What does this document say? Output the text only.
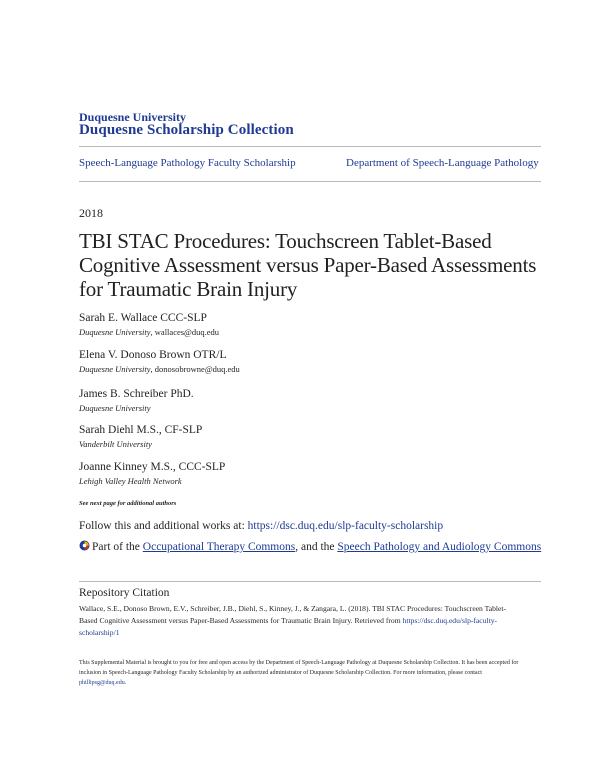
Duquesne University
Duquesne Scholarship Collection
Speech-Language Pathology Faculty Scholarship	Department of Speech-Language Pathology
2018
TBI STAC Procedures: Touchscreen Tablet-Based Cognitive Assessment versus Paper-Based Assessments for Traumatic Brain Injury
Sarah E. Wallace CCC-SLP
Duquesne University, wallaces@duq.edu
Elena V. Donoso Brown OTR/L
Duquesne University, donosobrowne@duq.edu
James B. Schreiber PhD.
Duquesne University
Sarah Diehl M.S., CF-SLP
Vanderbilt University
Joanne Kinney M.S., CCC-SLP
Lehigh Valley Health Network
See next page for additional authors
Follow this and additional works at: https://dsc.duq.edu/slp-faculty-scholarship
Part of the Occupational Therapy Commons, and the Speech Pathology and Audiology Commons
Repository Citation
Wallace, S.E., Donoso Brown, E.V., Schreiber, J.B., Diehl, S., Kinney, J., & Zangara, L. (2018). TBI STAC Procedures: Touchscreen Tablet-Based Cognitive Assessment versus Paper-Based Assessments for Traumatic Brain Injury. Retrieved from https://dsc.duq.edu/slp-faculty-scholarship/1
This Supplemental Material is brought to you for free and open access by the Department of Speech-Language Pathology at Duquesne Scholarship Collection. It has been accepted for inclusion in Speech-Language Pathology Faculty Scholarship by an authorized administrator of Duquesne Scholarship Collection. For more information, please contact phillipsg@duq.edu.
